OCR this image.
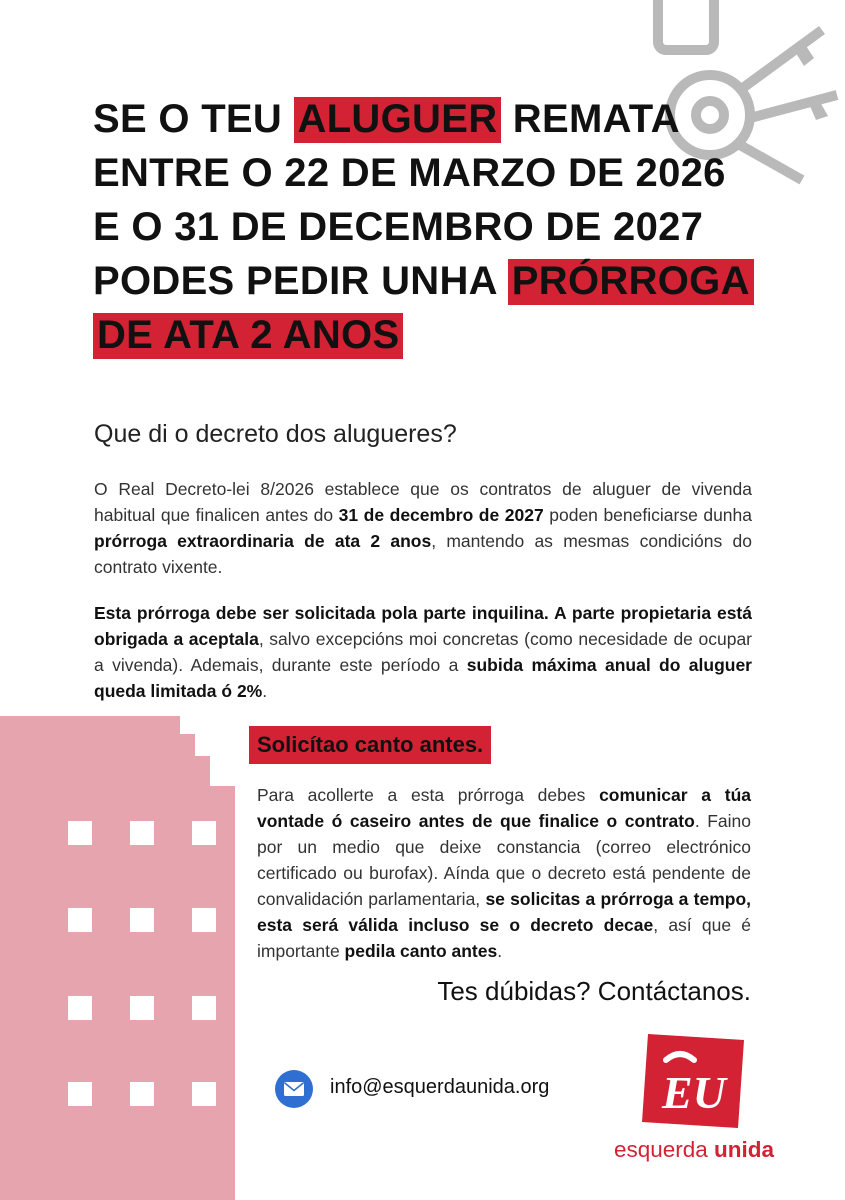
SE O TEU ALUGUER REMATA
ENTRE O 22 DE MARZO DE 2026
E O 31 DE DECEMBRO DE 2027
PODES PEDIR UNHA PRÓRROGA
DE ATA 2 ANOS
Que di o decreto dos alugueres?
O Real Decreto-lei 8/2026 establece que os contratos de aluguer de vivenda habitual que finalicen antes do 31 de decembro de 2027 poden beneficiarse dunha prórroga extraordinaria de ata 2 anos, mantendo as mesmas condicións do contrato vixente.
Esta prórroga debe ser solicitada pola parte inquilina. A parte propietaria está obrigada a aceptala, salvo excepcións moi concretas (como necesidade de ocupar a vivenda). Ademais, durante este período a subida máxima anual do aluguer queda limitada ó 2%.
Solicítao canto antes.
Para acollerte a esta prórroga debes comunicar a túa vontade ó caseiro antes de que finalice o contrato. Faino por un medio que deixe constancia (correo electrónico certificado ou burofax). Aínda que o decreto está pendente de convalidación parlamentaria, se solicitas a prórroga a tempo, esta será válida incluso se o decreto decae, así que é importante pedila canto antes.
Tes dúbidas? Contáctanos.
info@esquerdaunida.org EU
esquerda unida
